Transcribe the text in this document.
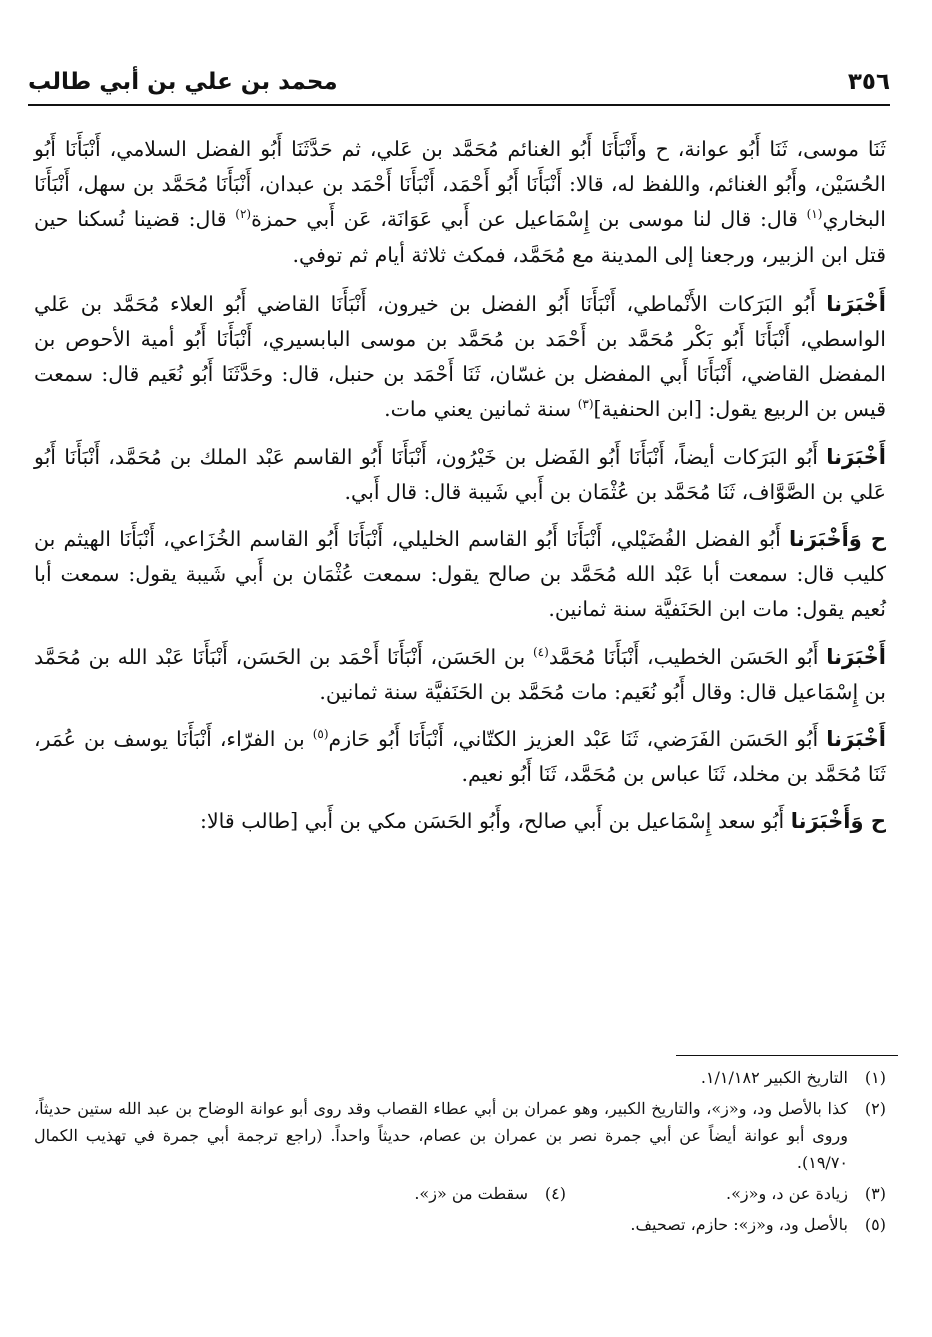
٣٥٦
محمد بن علي بن أبي طالب

ثَنَا موسى، ثَنَا أَبُو عوانة، ح وأَنْبَأَنَا أَبُو الغنائم مُحَمَّد بن عَلي، ثم حَدَّثَنَا أَبُو الفضل السلامي، أَنْبَأَنَا أَبُو الحُسَيْن، وأَبُو الغنائم، واللفظ له، قالا: أَنْبَأَنَا أَبُو أَحْمَد، أَنْبَأَنَا أَحْمَد بن عبدان، أَنْبَأَنَا مُحَمَّد بن سهل، أَنْبَأَنَا البخاري$^{(١)}$ قال: قال لنا موسى بن إِسْمَاعيل عن أَبي عَوَانَة، عَن أَبي حمزة$^{(٢)}$ قال: قضينا نُسكنا حين قتل ابن الزبير، ورجعنا إلى المدينة مع مُحَمَّد، فمكث ثلاثة أيام ثم توفي.

أَخْبَرَنا أَبُو البَرَكات الأَنْماطي، أَنْبَأَنَا أَبُو الفضل بن خيرون، أَنْبَأَنَا القاضي أَبُو العلاء مُحَمَّد بن عَلي الواسطي، أَنْبَأَنَا أَبُو بَكْر مُحَمَّد بن أَحْمَد بن مُحَمَّد بن موسى البابسيري، أَنْبَأَنَا أَبُو أمية الأحوص بن المفضل القاضي، أَنْبَأَنَا أَبي المفضل بن غسّان، ثَنَا أَحْمَد بن حنبل، قال: وحَدَّثَنَا أَبُو نُعَيم قال: سمعت قيس بن الربيع يقول: [ابن الحنفية]$^{(٣)}$ سنة ثمانين يعني مات.

أَخْبَرَنا أَبُو البَرَكات أيضاً، أَنْبَأَنَا أَبُو الفَضل بن خَيْرُون، أَنْبَأَنَا أَبُو القاسم عَبْد الملك بن مُحَمَّد، أَنْبَأَنَا أَبُو عَلي بن الصَّوَّاف، ثَنَا مُحَمَّد بن عُثْمَان بن أَبي شَيبة قال: قال أَبي.

ح وَأَخْبَرَنا أَبُو الفضل الفُضَيْلي، أَنْبَأَنَا أَبُو القاسم الخليلي، أَنْبَأَنَا أَبُو القاسم الخُزَاعي، أَنْبَأَنَا الهيثم بن كليب قال: سمعت أبا عَبْد الله مُحَمَّد بن صالح يقول: سمعت عُثْمَان بن أَبي شَيبة يقول: سمعت أبا نُعيم يقول: مات ابن الحَنَفيَّة سنة ثمانين.

أَخْبَرَنا أَبُو الحَسَن الخطيب، أَنْبَأَنَا مُحَمَّد$^{(٤)}$ بن الحَسَن، أَنْبَأَنَا أَحْمَد بن الحَسَن، أَنْبَأَنَا عَبْد الله بن مُحَمَّد بن إِسْمَاعيل قال: وقال أَبُو نُعَيم: مات مُحَمَّد بن الحَنَفيَّة سنة ثمانين.

أَخْبَرَنا أَبُو الحَسَن الفَرَضي، ثَنَا عَبْد العزيز الكتّاني، أَنْبَأَنَا أَبُو حَازم$^{(٥)}$ بن الفرّاء، أَنْبَأَنَا يوسف بن عُمَر، ثَنَا مُحَمَّد بن مخلد، ثَنَا عباس بن مُحَمَّد، ثَنَا أَبُو نعيم.

ح وَأَخْبَرَنا أَبُو سعد إِسْمَاعيل بن أَبي صالح، وأَبُو الحَسَن مكي بن أَبي [طالب قالا:

(١)
التاريخ الكبير ١/١/١٨٢.
(٢)
كذا بالأصل ود، و«ز»، والتاريخ الكبير، وهو عمران بن أبي عطاء القصاب وقد روى أبو عوانة الوضاح بن عبد الله ستين حديثاً، وروى أبو عوانة أيضاً عن أبي جمرة نصر بن عمران بن عصام، حديثاً واحداً. (راجع ترجمة أبي جمرة في تهذيب الكمال ١٩/٧٠).
(٣)
زيادة عن د، و«ز».
(٤)
سقطت من «ز».
(٥)
بالأصل ود، و«ز»: حازم، تصحيف.
